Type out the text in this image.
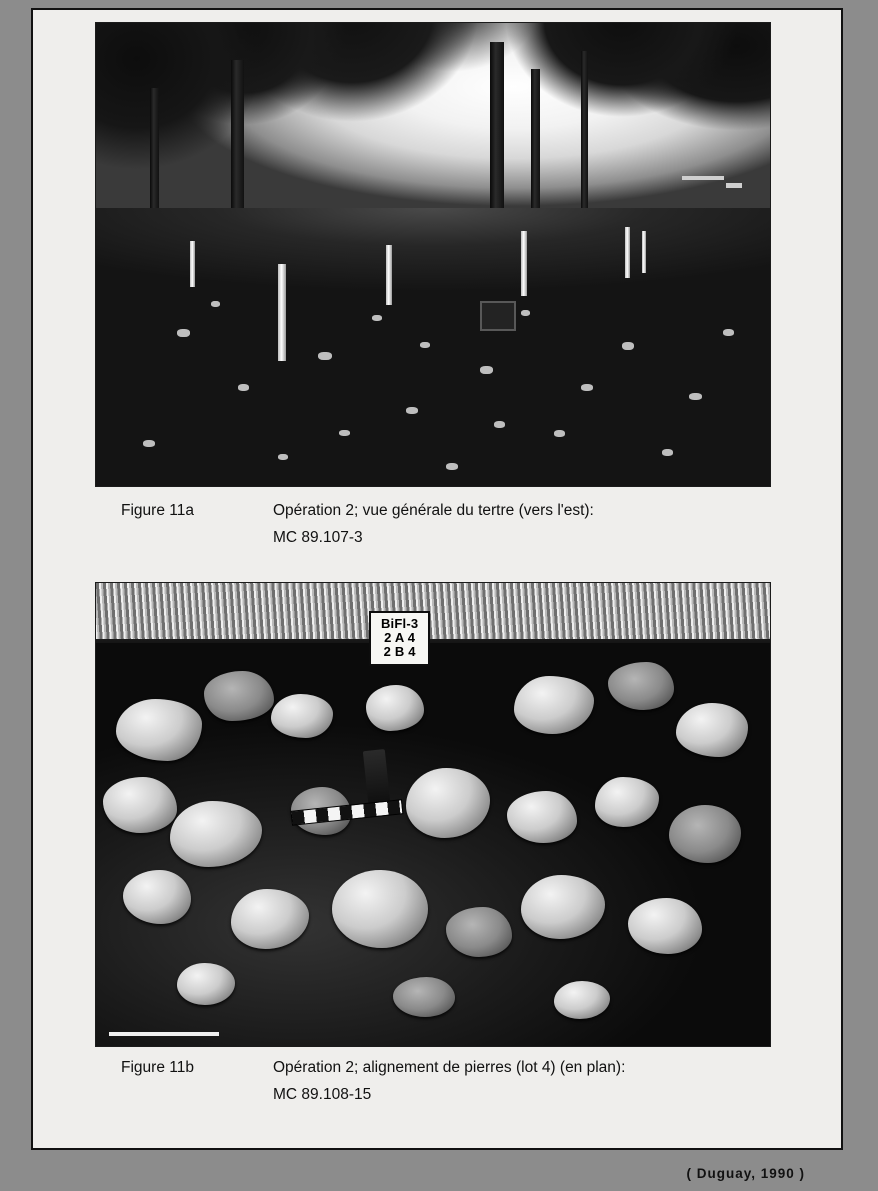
Figure 11a	Opération 2; vue générale du tertre (vers l'est):
MC 89.107-3
BiFl-3
2 A 4
2 B 4
Figure 11b	Opération 2; alignement de pierres (lot 4) (en plan):
MC 89.108-15
( Duguay, 1990 )
